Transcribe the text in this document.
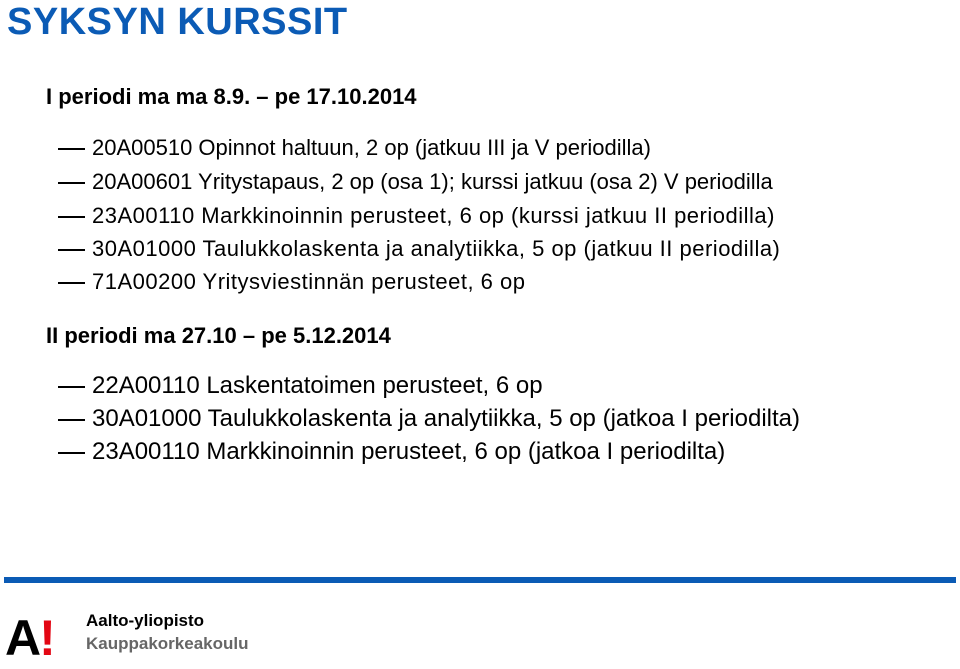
SYKSYN KURSSIT

I periodi ma ma 8.9. – pe 17.10.2014

20A00510 Opinnot haltuun, 2 op (jatkuu III ja V periodilla)
20A00601 Yritystapaus, 2 op (osa 1); kurssi jatkuu (osa 2) V periodilla
23A00110 Markkinoinnin perusteet, 6 op (kurssi jatkuu II periodilla)
30A01000 Taulukkolaskenta ja analytiikka, 5 op (jatkuu II periodilla)
71A00200 Yritysviestinnän perusteet, 6 op

II periodi ma 27.10 – pe 5.12.2014

22A00110 Laskentatoimen perusteet, 6 op
30A01000 Taulukkolaskenta ja analytiikka, 5 op (jatkoa I periodilta)
23A00110 Markkinoinnin perusteet, 6 op (jatkoa I periodilta)
A! Aalto-yliopisto
Kauppakorkeakoulu
